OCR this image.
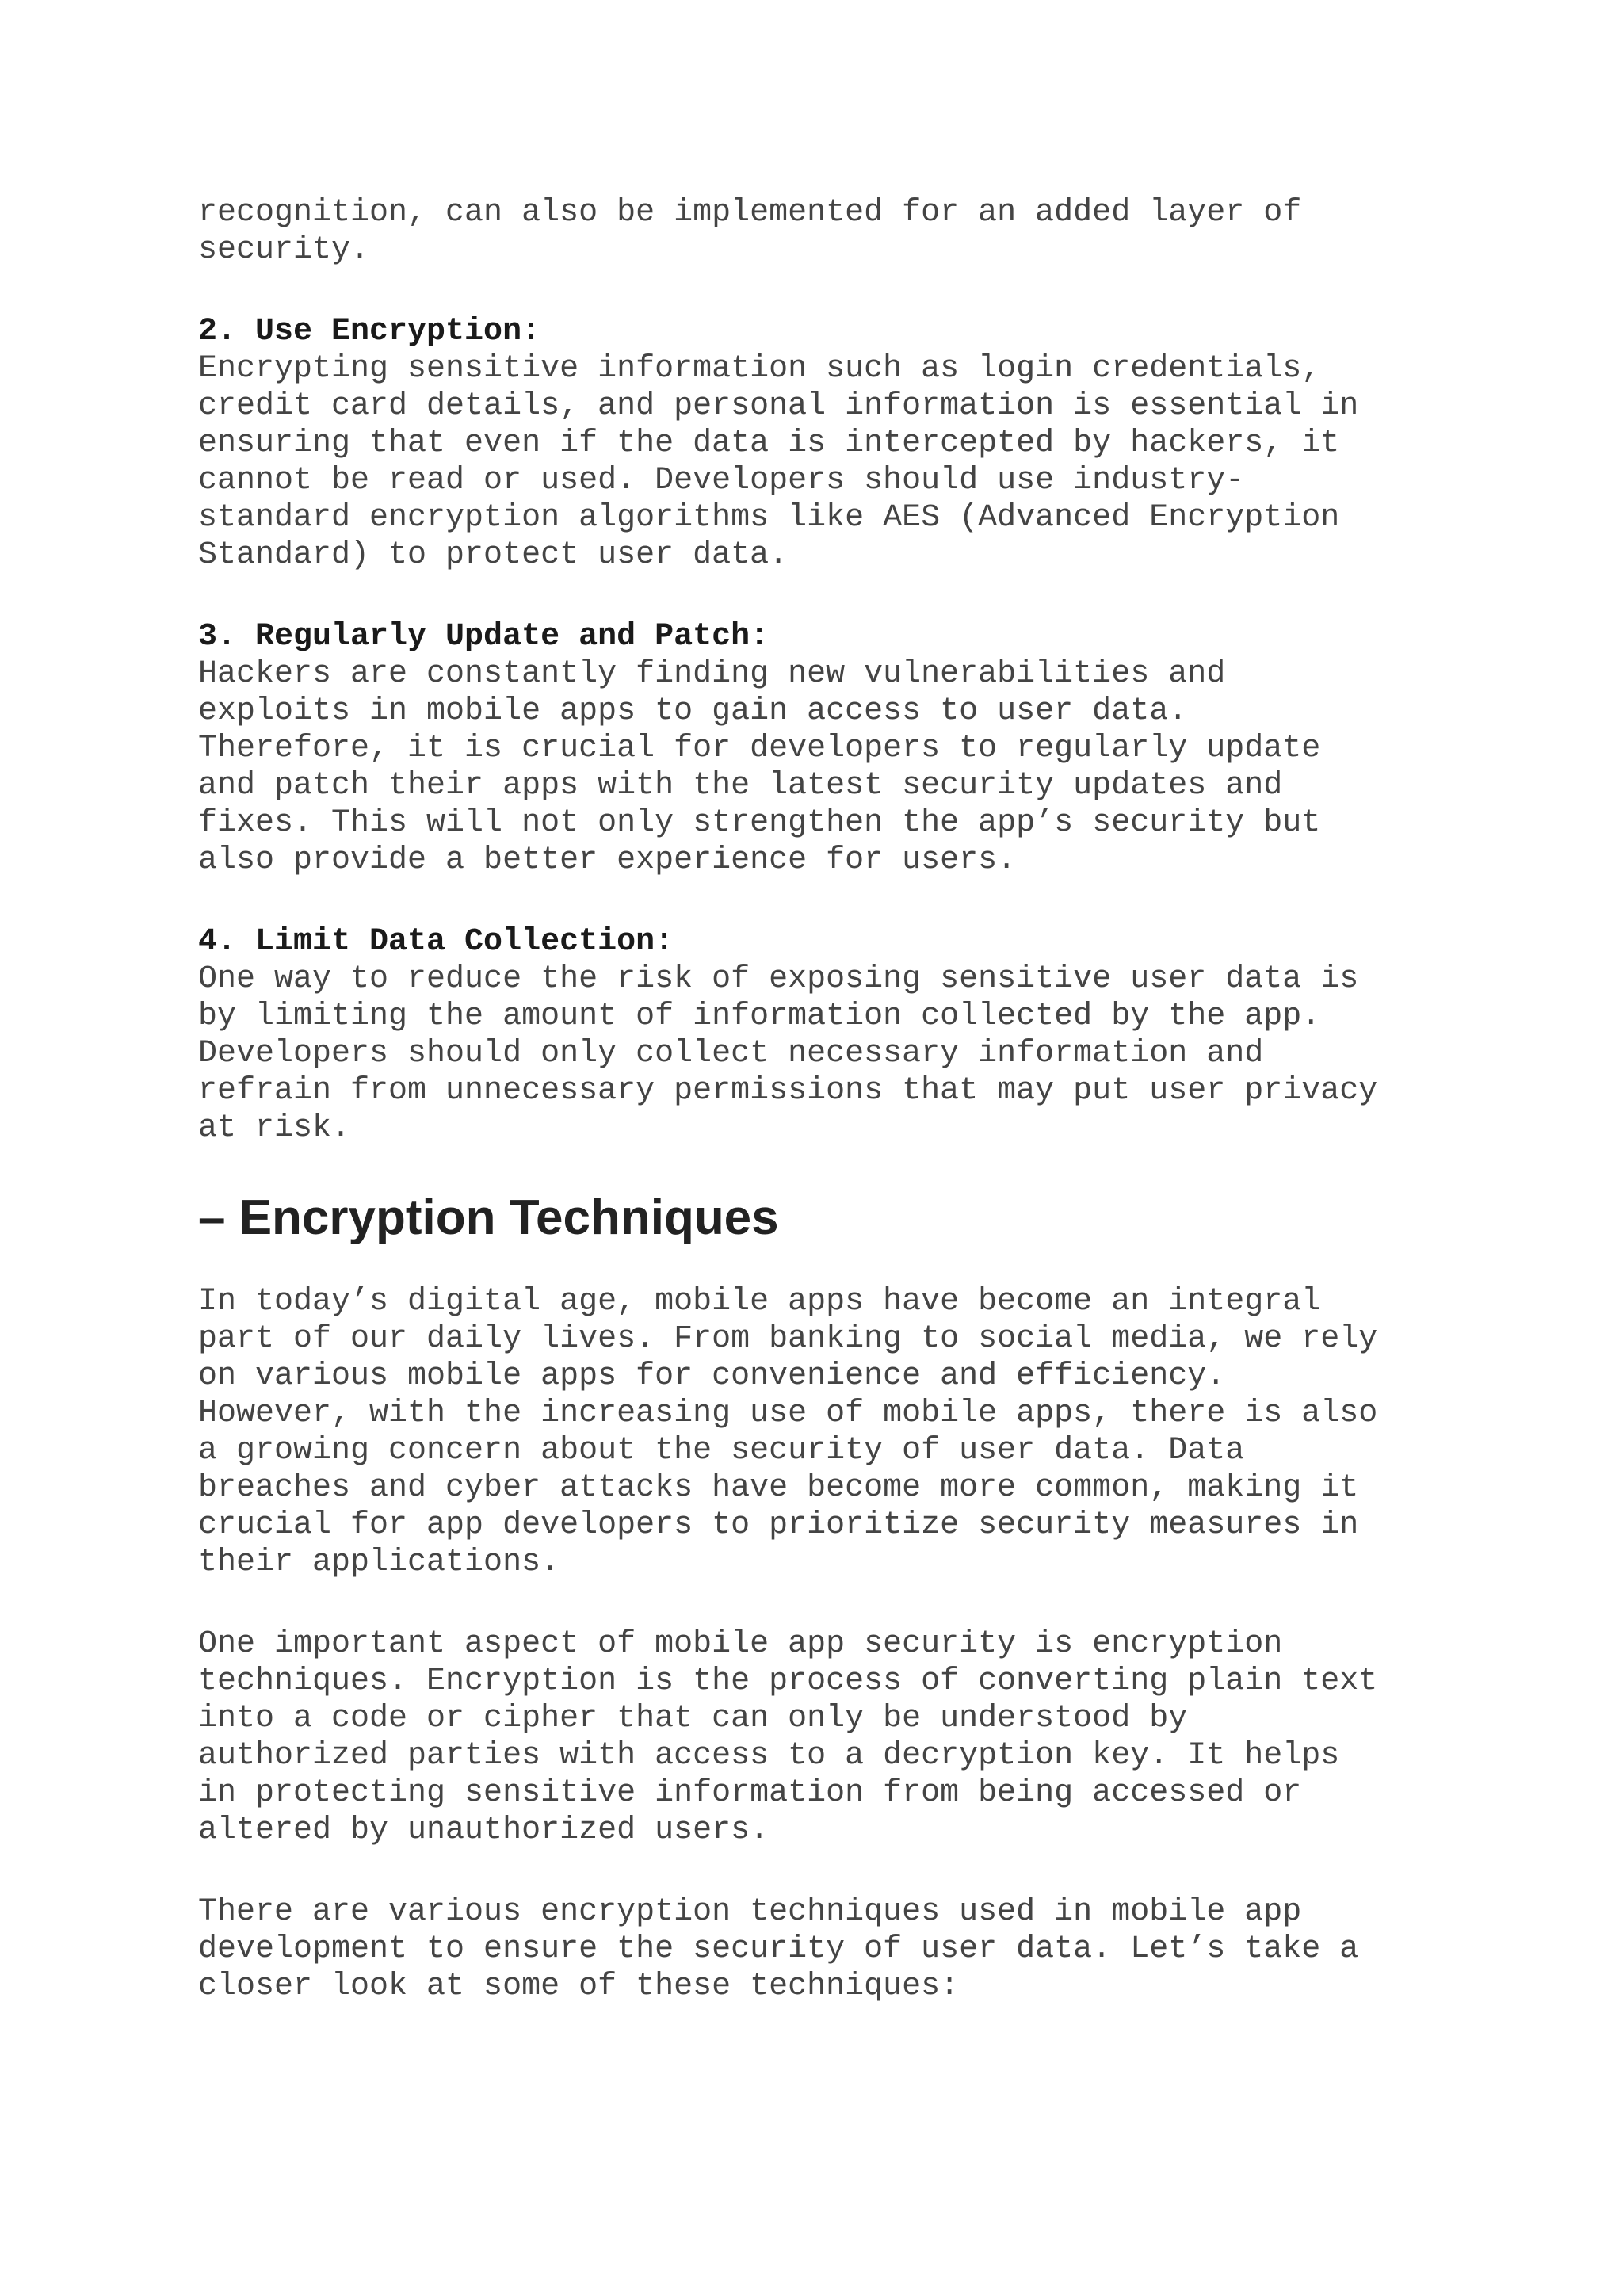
recognition, can also be implemented for an added layer of
security.

2. Use Encryption:
Encrypting sensitive information such as login credentials,
credit card details, and personal information is essential in
ensuring that even if the data is intercepted by hackers, it
cannot be read or used. Developers should use industry-
standard encryption algorithms like AES (Advanced Encryption
Standard) to protect user data.
3. Regularly Update and Patch:
Hackers are constantly finding new vulnerabilities and
exploits in mobile apps to gain access to user data.
Therefore, it is crucial for developers to regularly update
and patch their apps with the latest security updates and
fixes. This will not only strengthen the app’s security but
also provide a better experience for users.
4. Limit Data Collection:
One way to reduce the risk of exposing sensitive user data is
by limiting the amount of information collected by the app.
Developers should only collect necessary information and
refrain from unnecessary permissions that may put user privacy
at risk.
– Encryption Techniques

In today’s digital age, mobile apps have become an integral
part of our daily lives. From banking to social media, we rely
on various mobile apps for convenience and efficiency.
However, with the increasing use of mobile apps, there is also
a growing concern about the security of user data. Data
breaches and cyber attacks have become more common, making it
crucial for app developers to prioritize security measures in
their applications.

One important aspect of mobile app security is encryption
techniques. Encryption is the process of converting plain text
into a code or cipher that can only be understood by
authorized parties with access to a decryption key. It helps
in protecting sensitive information from being accessed or
altered by unauthorized users.

There are various encryption techniques used in mobile app
development to ensure the security of user data. Let’s take a
closer look at some of these techniques:
